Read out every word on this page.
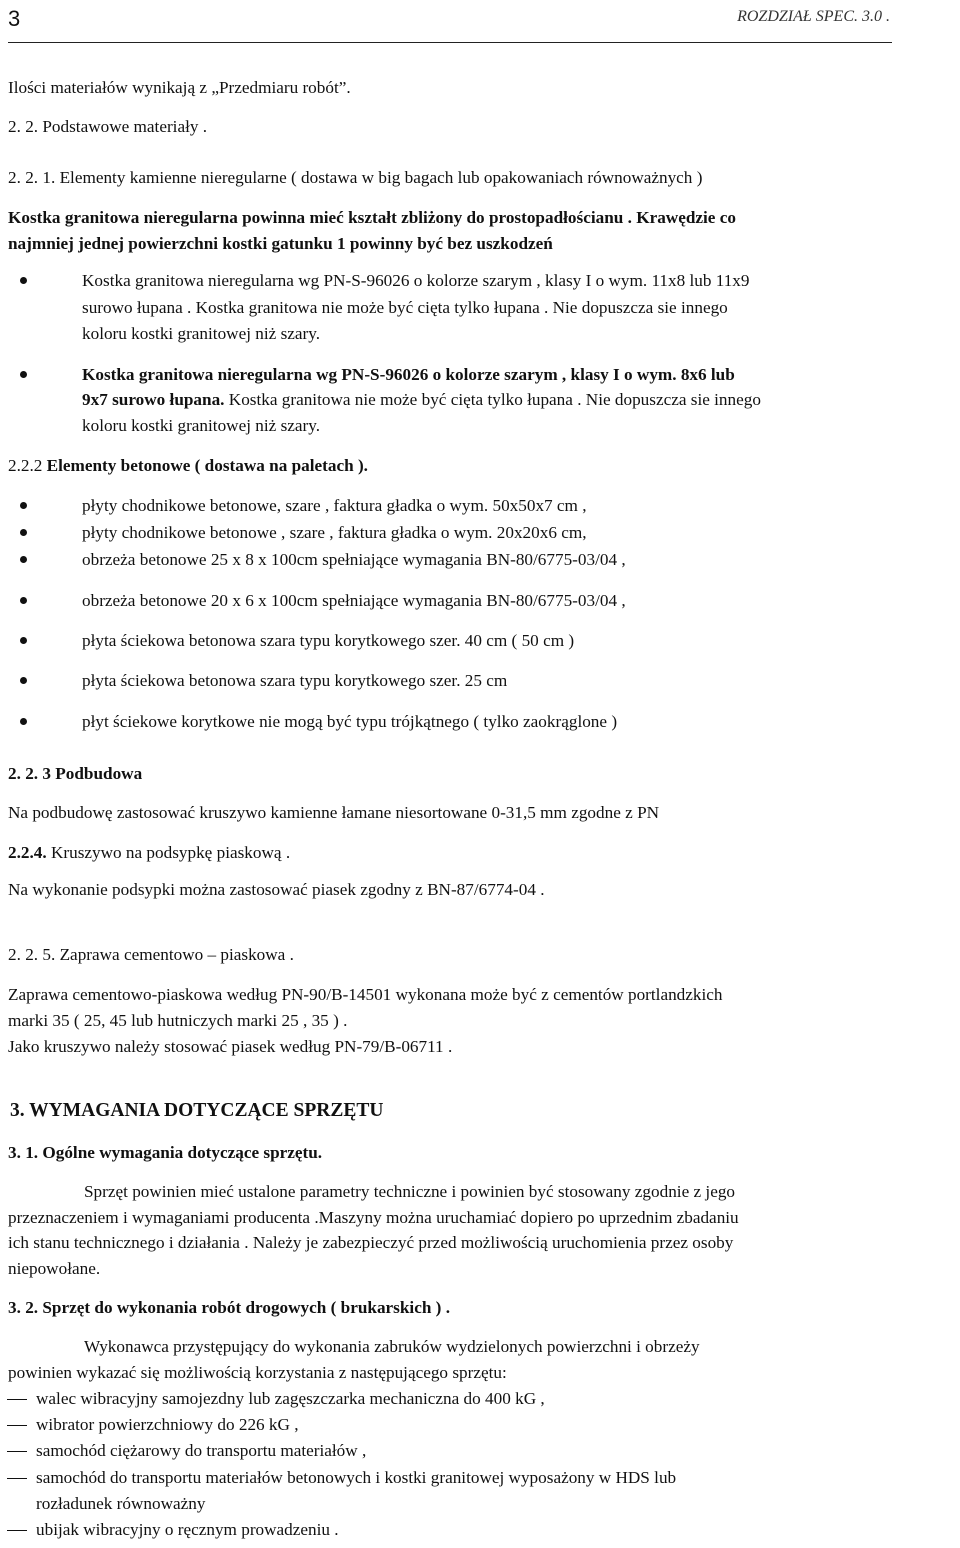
3	ROZDZIAŁ SPEC. 3.0 .
Ilości materiałów wynikają z „Przedmiaru robót”.
2. 2. Podstawowe materiały .
2. 2. 1. Elementy kamienne nieregularne ( dostawa w big bagach lub opakowaniach równoważnych )
Kostka granitowa nieregularna powinna mieć kształt zbliżony do prostopadłościanu . Krawędzie co
najmniej jednej powierzchni kostki gatunku 1 powinny być bez uszkodzeń
Kostka granitowa nieregularna wg PN-S-96026 o kolorze szarym , klasy I o wym. 11x8 lub 11x9
surowo łupana . Kostka granitowa nie może być cięta tylko łupana . Nie dopuszcza sie innego
koloru kostki granitowej niż szary.
Kostka granitowa nieregularna wg PN-S-96026 o kolorze szarym , klasy I o wym. 8x6 lub
9x7 surowo łupana. Kostka granitowa nie może być cięta tylko łupana . Nie dopuszcza sie innego
koloru kostki granitowej niż szary.
2.2.2 Elementy betonowe ( dostawa na paletach ).
płyty chodnikowe betonowe, szare , faktura gładka o wym. 50x50x7 cm ,
płyty chodnikowe betonowe , szare , faktura gładka o wym. 20x20x6 cm,
obrzeża betonowe 25 x 8 x 100cm spełniające wymagania BN-80/6775-03/04 ,
obrzeża betonowe 20 x 6 x 100cm spełniające wymagania BN-80/6775-03/04 ,
płyta ściekowa betonowa szara typu korytkowego szer. 40 cm ( 50 cm )
płyta ściekowa betonowa szara typu korytkowego szer. 25 cm
płyt ściekowe korytkowe nie mogą być typu trójkątnego ( tylko zaokrąglone )
2. 2. 3 Podbudowa
Na podbudowę zastosować kruszywo kamienne łamane niesortowane 0-31,5 mm zgodne z PN
2.2.4. Kruszywo na podsypkę piaskową .
Na wykonanie podsypki można zastosować piasek zgodny z BN-87/6774-04 .
2. 2. 5. Zaprawa cementowo – piaskowa .
Zaprawa cementowo-piaskowa według PN-90/B-14501 wykonana może być z cementów portlandzkich
marki 35 ( 25, 45 lub hutniczych marki 25 , 35 ) .
Jako kruszywo należy stosować piasek według PN-79/B-06711 .
3. WYMAGANIA DOTYCZĄCE SPRZĘTU
3. 1. Ogólne wymagania dotyczące sprzętu.
Sprzęt powinien mieć ustalone parametry techniczne i powinien być stosowany zgodnie z jego
przeznaczeniem i wymaganiami producenta .Maszyny można uruchamiać dopiero po uprzednim zbadaniu
ich stanu technicznego i działania . Należy je zabezpieczyć przed możliwością uruchomienia przez osoby
niepowołane.
3. 2. Sprzęt do wykonania robót drogowych ( brukarskich ) .
Wykonawca przystępujący do wykonania zabruków wydzielonych powierzchni i obrzeży
powinien wykazać się możliwością korzystania z następującego sprzętu:
walec wibracyjny samojezdny lub zagęszczarka mechaniczna do 400 kG ,
wibrator powierzchniowy do 226 kG ,
samochód ciężarowy do transportu materiałów ,
samochód do transportu materiałów betonowych i kostki granitowej wyposażony w HDS lub
rozładunek równoważny
ubijak wibracyjny o ręcznym prowadzeniu .
